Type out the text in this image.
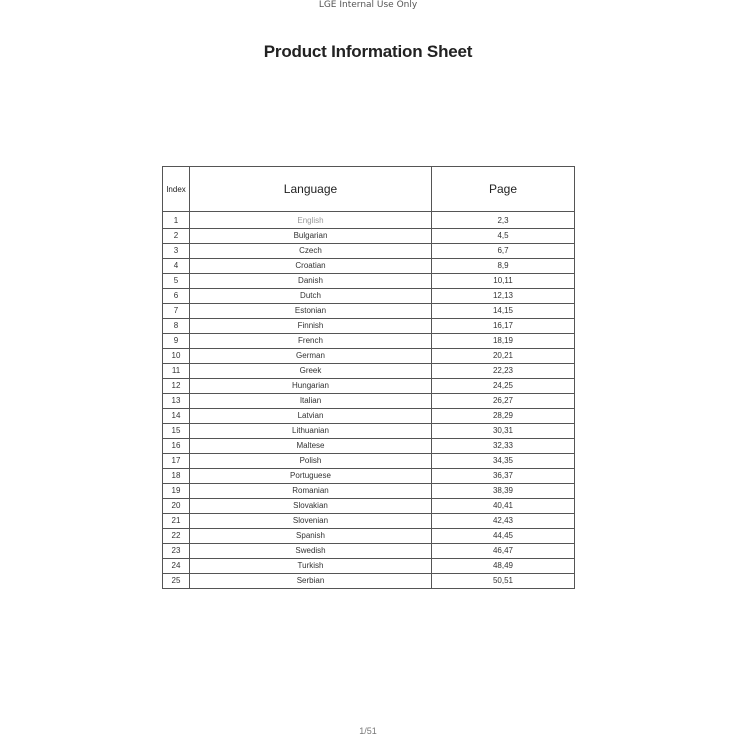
LGE Internal Use Only
Product Information Sheet
Index	Language	Page
1	English	2,3
2	Bulgarian	4,5
3	Czech	6,7
4	Croatian	8,9
5	Danish	10,11
6	Dutch	12,13
7	Estonian	14,15
8	Finnish	16,17
9	French	18,19
10	German	20,21
11	Greek	22,23
12	Hungarian	24,25
13	Italian	26,27
14	Latvian	28,29
15	Lithuanian	30,31
16	Maltese	32,33
17	Polish	34,35
18	Portuguese	36,37
19	Romanian	38,39
20	Slovakian	40,41
21	Slovenian	42,43
22	Spanish	44,45
23	Swedish	46,47
24	Turkish	48,49
25	Serbian	50,51
1/51
